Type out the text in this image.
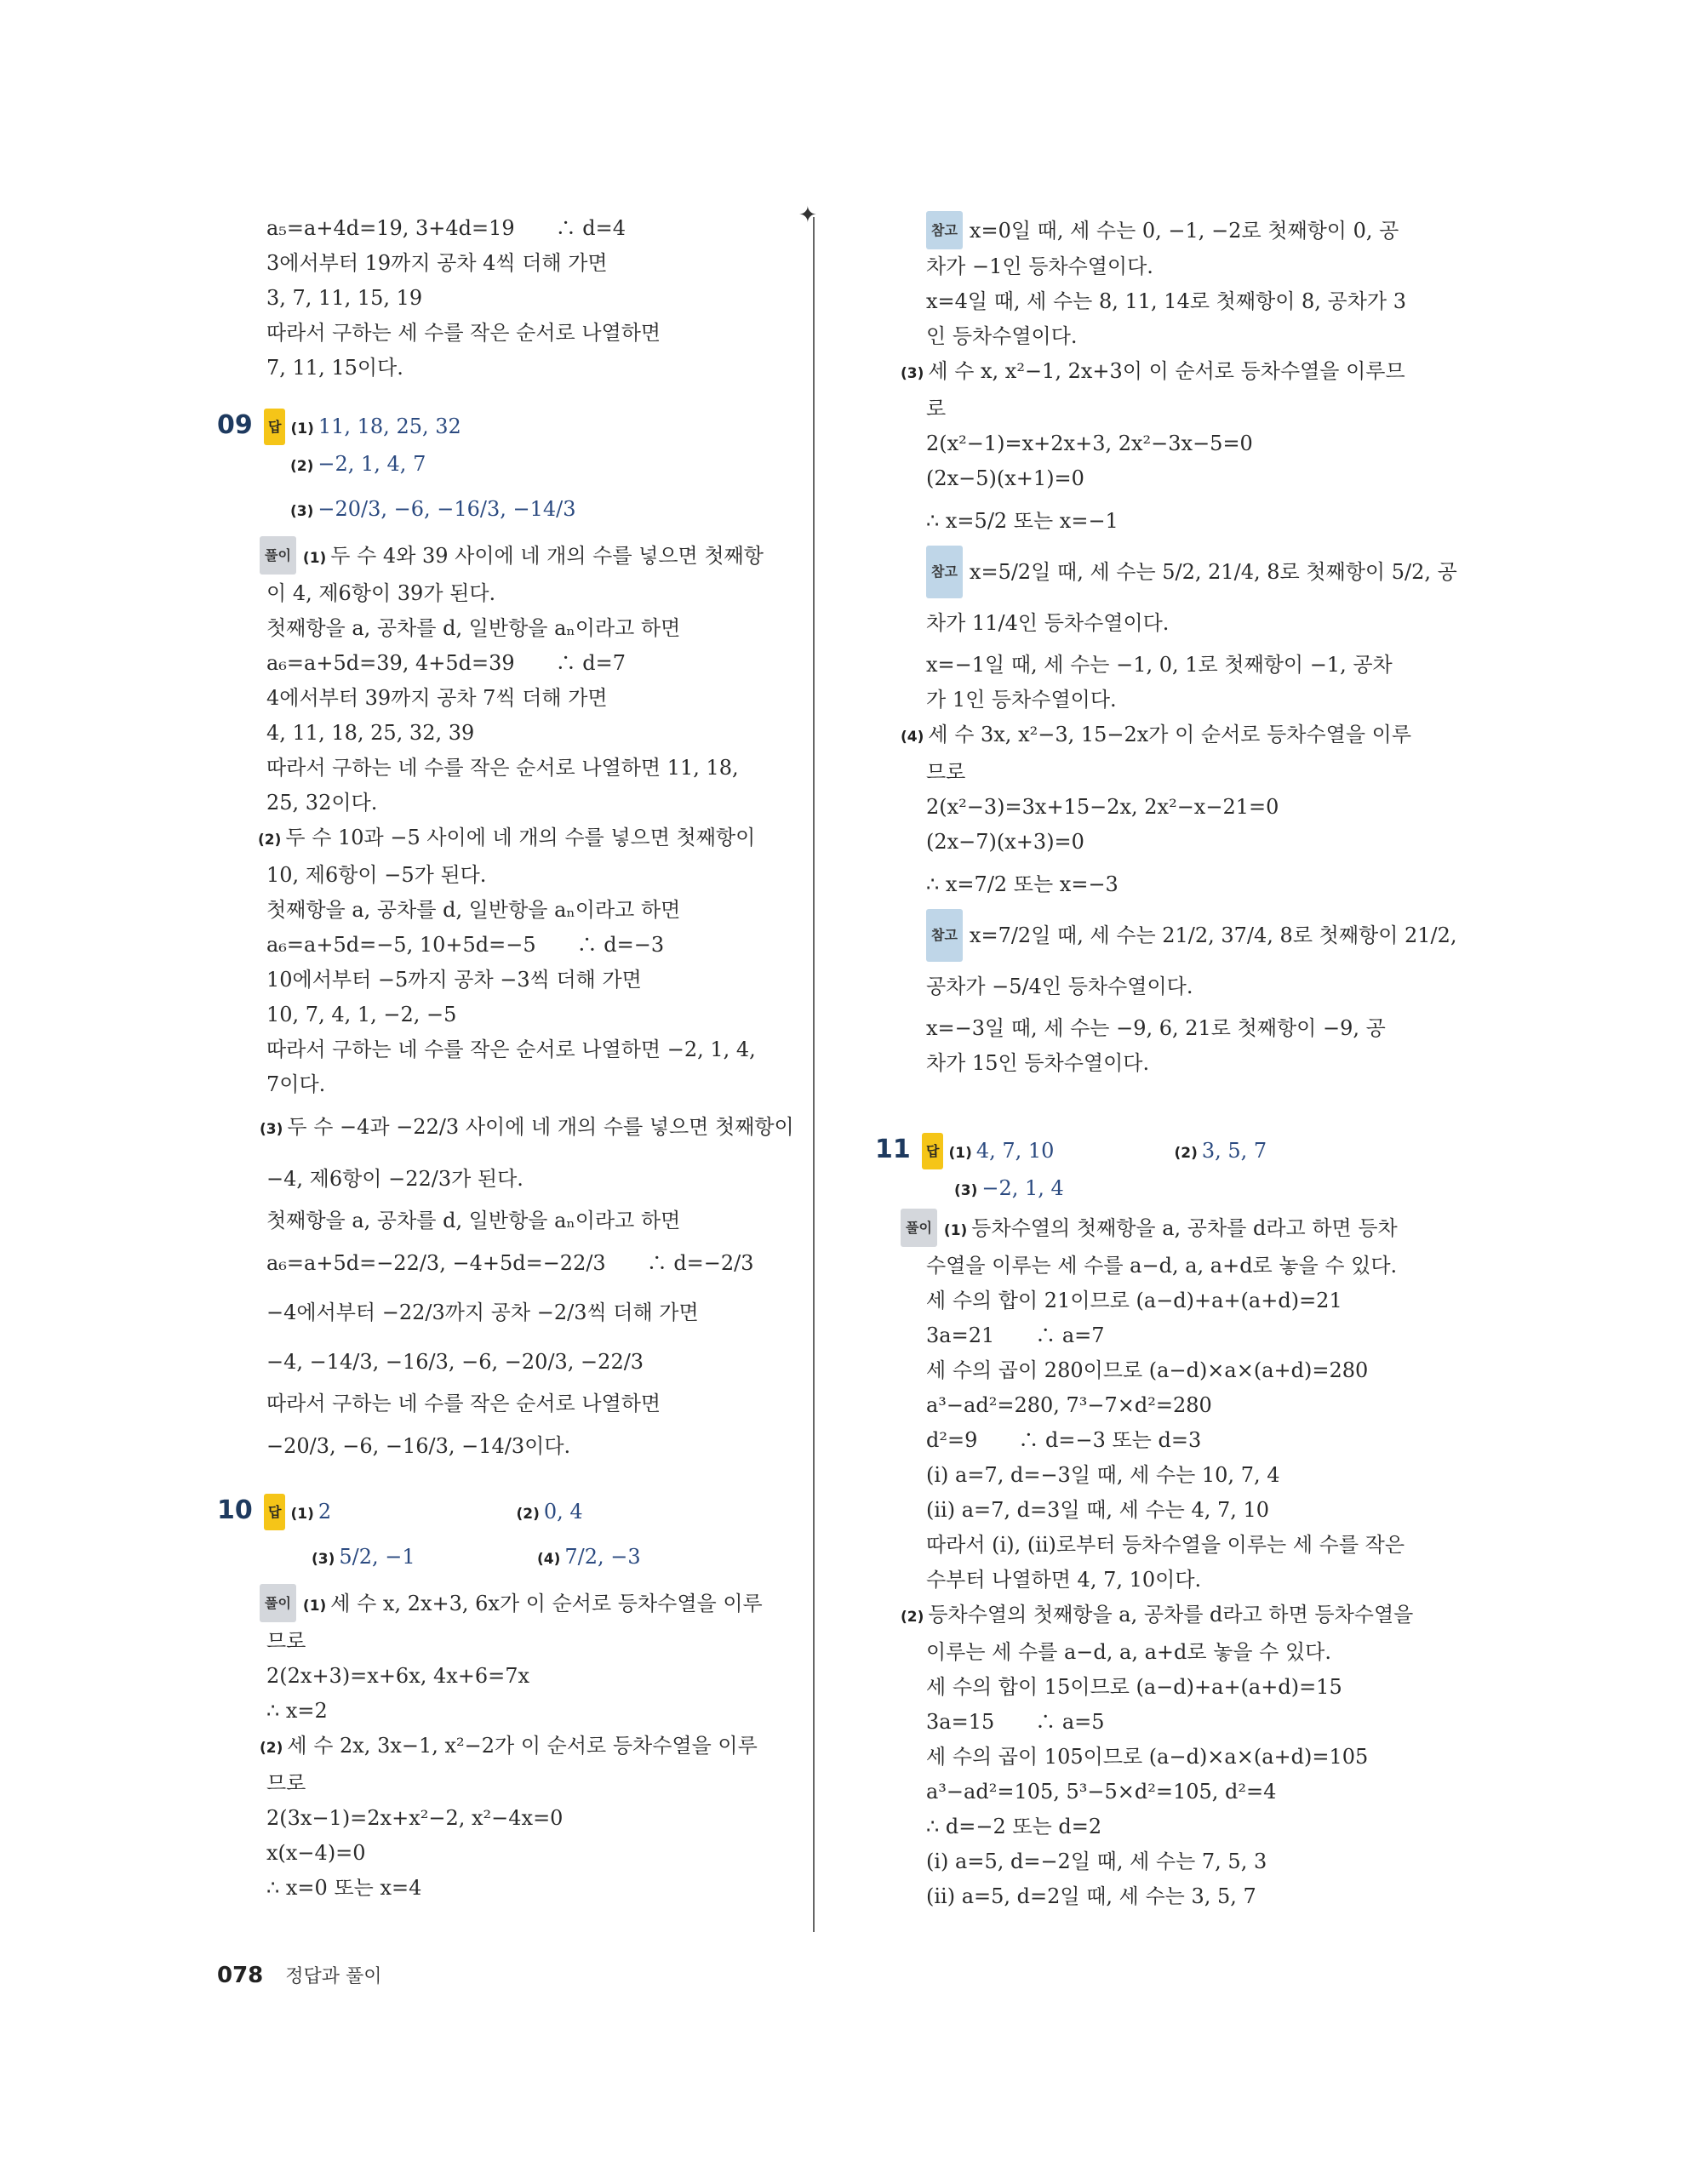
✦
a₅=a+4d=19, 3+4d=19　　∴ d=4
3에서부터 19까지 공차 4씩 더해 가면
3, 7, 11, 15, 19
따라서 구하는 세 수를 작은 순서로 나열하면
7, 11, 15이다.
09 답 (1) 11, 18, 25, 32
(2) −2, 1, 4, 7
(3) −20/3, −6, −16/3, −14/3
풀이 (1) 두 수 4와 39 사이에 네 개의 수를 넣으면 첫째항
이 4, 제6항이 39가 된다.
첫째항을 a, 공차를 d, 일반항을 aₙ이라고 하면
a₆=a+5d=39, 4+5d=39　　∴ d=7
4에서부터 39까지 공차 7씩 더해 가면
4, 11, 18, 25, 32, 39
따라서 구하는 네 수를 작은 순서로 나열하면 11, 18,
25, 32이다.
(2) 두 수 10과 −5 사이에 네 개의 수를 넣으면 첫째항이
10, 제6항이 −5가 된다.
첫째항을 a, 공차를 d, 일반항을 aₙ이라고 하면
a₆=a+5d=−5, 10+5d=−5　　∴ d=−3
10에서부터 −5까지 공차 −3씩 더해 가면
10, 7, 4, 1, −2, −5
따라서 구하는 네 수를 작은 순서로 나열하면 −2, 1, 4,
7이다.
(3) 두 수 −4과 −22/3 사이에 네 개의 수를 넣으면 첫째항이
−4, 제6항이 −22/3가 된다.
첫째항을 a, 공차를 d, 일반항을 aₙ이라고 하면
a₆=a+5d=−22/3, −4+5d=−22/3　　∴ d=−2/3
−4에서부터 −22/3까지 공차 −2/3씩 더해 가면
−4, −14/3, −16/3, −6, −20/3, −22/3
따라서 구하는 네 수를 작은 순서로 나열하면
−20/3, −6, −16/3, −14/3이다.
10 답 (1) 2	(2) 0, 4
(3) 5/2, −1	(4) 7/2, −3
풀이 (1) 세 수 x, 2x+3, 6x가 이 순서로 등차수열을 이루
므로
2(2x+3)=x+6x, 4x+6=7x
∴ x=2
(2) 세 수 2x, 3x−1, x²−2가 이 순서로 등차수열을 이루
므로
2(3x−1)=2x+x²−2, x²−4x=0
x(x−4)=0
∴ x=0 또는 x=4
참고 x=0일 때, 세 수는 0, −1, −2로 첫째항이 0, 공
차가 −1인 등차수열이다.
x=4일 때, 세 수는 8, 11, 14로 첫째항이 8, 공차가 3
인 등차수열이다.
(3) 세 수 x, x²−1, 2x+3이 이 순서로 등차수열을 이루므
로
2(x²−1)=x+2x+3, 2x²−3x−5=0
(2x−5)(x+1)=0
∴ x=5/2 또는 x=−1
참고 x=5/2일 때, 세 수는 5/2, 21/4, 8로 첫째항이 5/2, 공
차가 11/4인 등차수열이다.
x=−1일 때, 세 수는 −1, 0, 1로 첫째항이 −1, 공차
가 1인 등차수열이다.
(4) 세 수 3x, x²−3, 15−2x가 이 순서로 등차수열을 이루
므로
2(x²−3)=3x+15−2x, 2x²−x−21=0
(2x−7)(x+3)=0
∴ x=7/2 또는 x=−3
참고 x=7/2일 때, 세 수는 21/2, 37/4, 8로 첫째항이 21/2,
공차가 −5/4인 등차수열이다.
x=−3일 때, 세 수는 −9, 6, 21로 첫째항이 −9, 공
차가 15인 등차수열이다.
11 답 (1) 4, 7, 10	(2) 3, 5, 7
(3) −2, 1, 4
풀이 (1) 등차수열의 첫째항을 a, 공차를 d라고 하면 등차
수열을 이루는 세 수를 a−d, a, a+d로 놓을 수 있다.
세 수의 합이 21이므로 (a−d)+a+(a+d)=21
3a=21　　∴ a=7
세 수의 곱이 280이므로 (a−d)×a×(a+d)=280
a³−ad²=280, 7³−7×d²=280
d²=9　　∴ d=−3 또는 d=3
(ⅰ) a=7, d=−3일 때, 세 수는 10, 7, 4
(ⅱ) a=7, d=3일 때, 세 수는 4, 7, 10
따라서 (ⅰ), (ⅱ)로부터 등차수열을 이루는 세 수를 작은
수부터 나열하면 4, 7, 10이다.
(2) 등차수열의 첫째항을 a, 공차를 d라고 하면 등차수열을
이루는 세 수를 a−d, a, a+d로 놓을 수 있다.
세 수의 합이 15이므로 (a−d)+a+(a+d)=15
3a=15　　∴ a=5
세 수의 곱이 105이므로 (a−d)×a×(a+d)=105
a³−ad²=105, 5³−5×d²=105, d²=4
∴ d=−2 또는 d=2
(ⅰ) a=5, d=−2일 때, 세 수는 7, 5, 3
(ⅱ) a=5, d=2일 때, 세 수는 3, 5, 7
078 정답과 풀이
